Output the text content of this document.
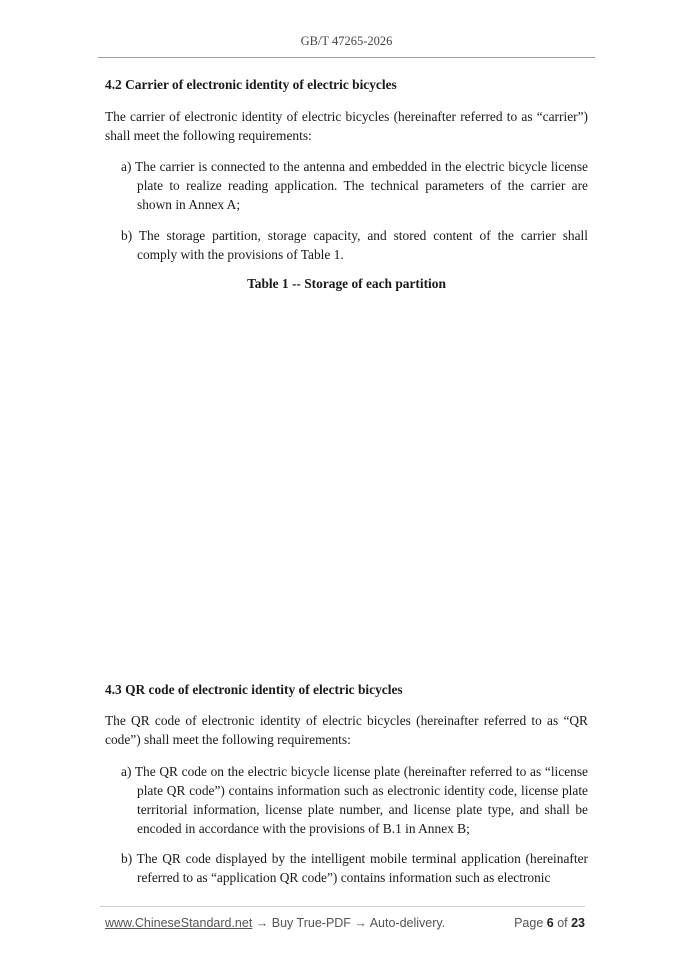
GB/T 47265-2026
4.2 Carrier of electronic identity of electric bicycles
The carrier of electronic identity of electric bicycles (hereinafter referred to as “carrier”) shall meet the following requirements:
a) The carrier is connected to the antenna and embedded in the electric bicycle license plate to realize reading application. The technical parameters of the carrier are shown in Annex A;
b) The storage partition, storage capacity, and stored content of the carrier shall comply with the provisions of Table 1.
Table 1 -- Storage of each partition
4.3 QR code of electronic identity of electric bicycles
The QR code of electronic identity of electric bicycles (hereinafter referred to as “QR code”) shall meet the following requirements:
a) The QR code on the electric bicycle license plate (hereinafter referred to as “license plate QR code”) contains information such as electronic identity code, license plate territorial information, license plate number, and license plate type, and shall be encoded in accordance with the provisions of B.1 in Annex B;
b) The QR code displayed by the intelligent mobile terminal application (hereinafter referred to as “application QR code”) contains information such as electronic
www.ChineseStandard.net → Buy True-PDF → Auto-delivery.	Page 6 of 23
